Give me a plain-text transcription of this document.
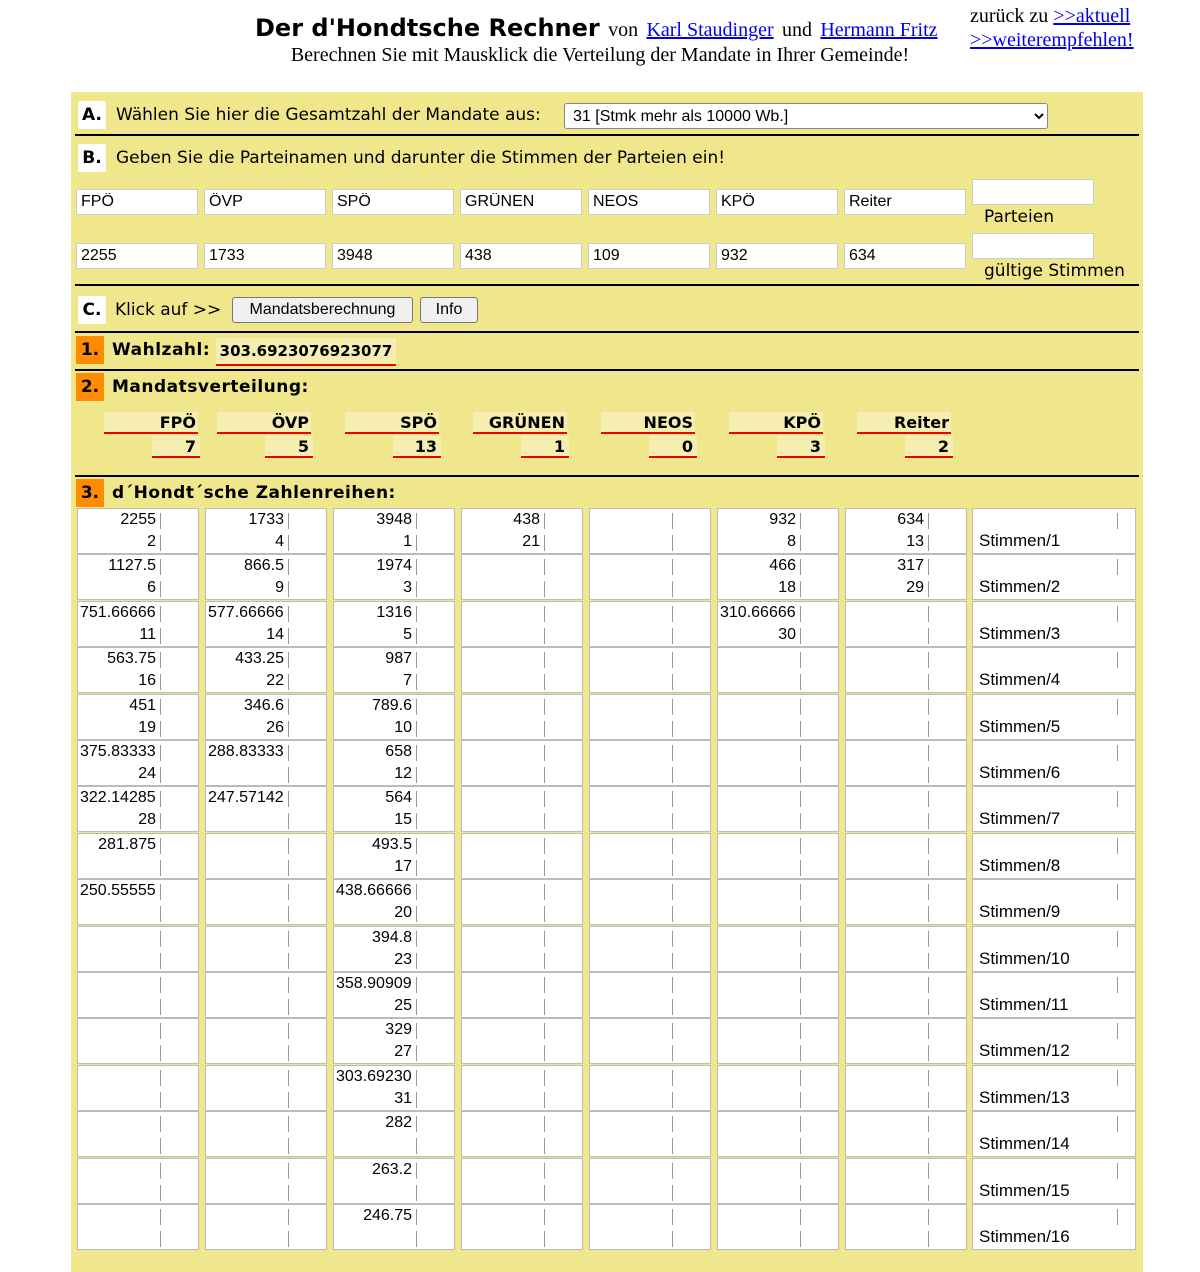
Der d'Hondtsche Rechner von Karl Staudinger und Hermann Fritz
Berechnen Sie mit Mausklick die Verteilung der Mandate in Ihrer Gemeinde!
zurück zu >>aktuell
>>weiterempfehlen!
A. Wählen Sie hier die Gesamtzahl der Mandate aus:
31 [Stmk mehr als 10000 Wb.]
B. Geben Sie die Parteinamen und darunter die Stimmen der Parteien ein!
FPÖ
2255
ÖVP
1733
SPÖ
3948
GRÜNEN
438
NEOS
109
KPÖ
932
Reiter
634
Parteien
gültige Stimmen
C. Klick auf >>	Mandatsberechnung	Info
1. Wahlzahl: 303.6923076923077
2. Mandatsverteilung:
FPÖ
7
ÖVP
5
SPÖ
13
GRÜNEN
1
NEOS
0
KPÖ
3
Reiter
2
3. d´Hondt´sche Zahlenreihen:
2255
2
1127.5
6
751.66666
11
563.75
16
451
19
375.83333
24
322.14285
28
281.875
250.55555
1733
4
866.5
9
577.66666
14
433.25
22
346.6
26
288.83333
247.57142
3948
1
1974
3
1316
5
987
7
789.6
10
658
12
564
15
493.5
17
438.66666
20
394.8
23
358.90909
25
329
27
303.69230
31
282
263.2
246.75
438
21
932
8
466
18
310.66666
30
634
13
317
29
Stimmen/1
Stimmen/2
Stimmen/3
Stimmen/4
Stimmen/5
Stimmen/6
Stimmen/7
Stimmen/8
Stimmen/9
Stimmen/10
Stimmen/11
Stimmen/12
Stimmen/13
Stimmen/14
Stimmen/15
Stimmen/16
